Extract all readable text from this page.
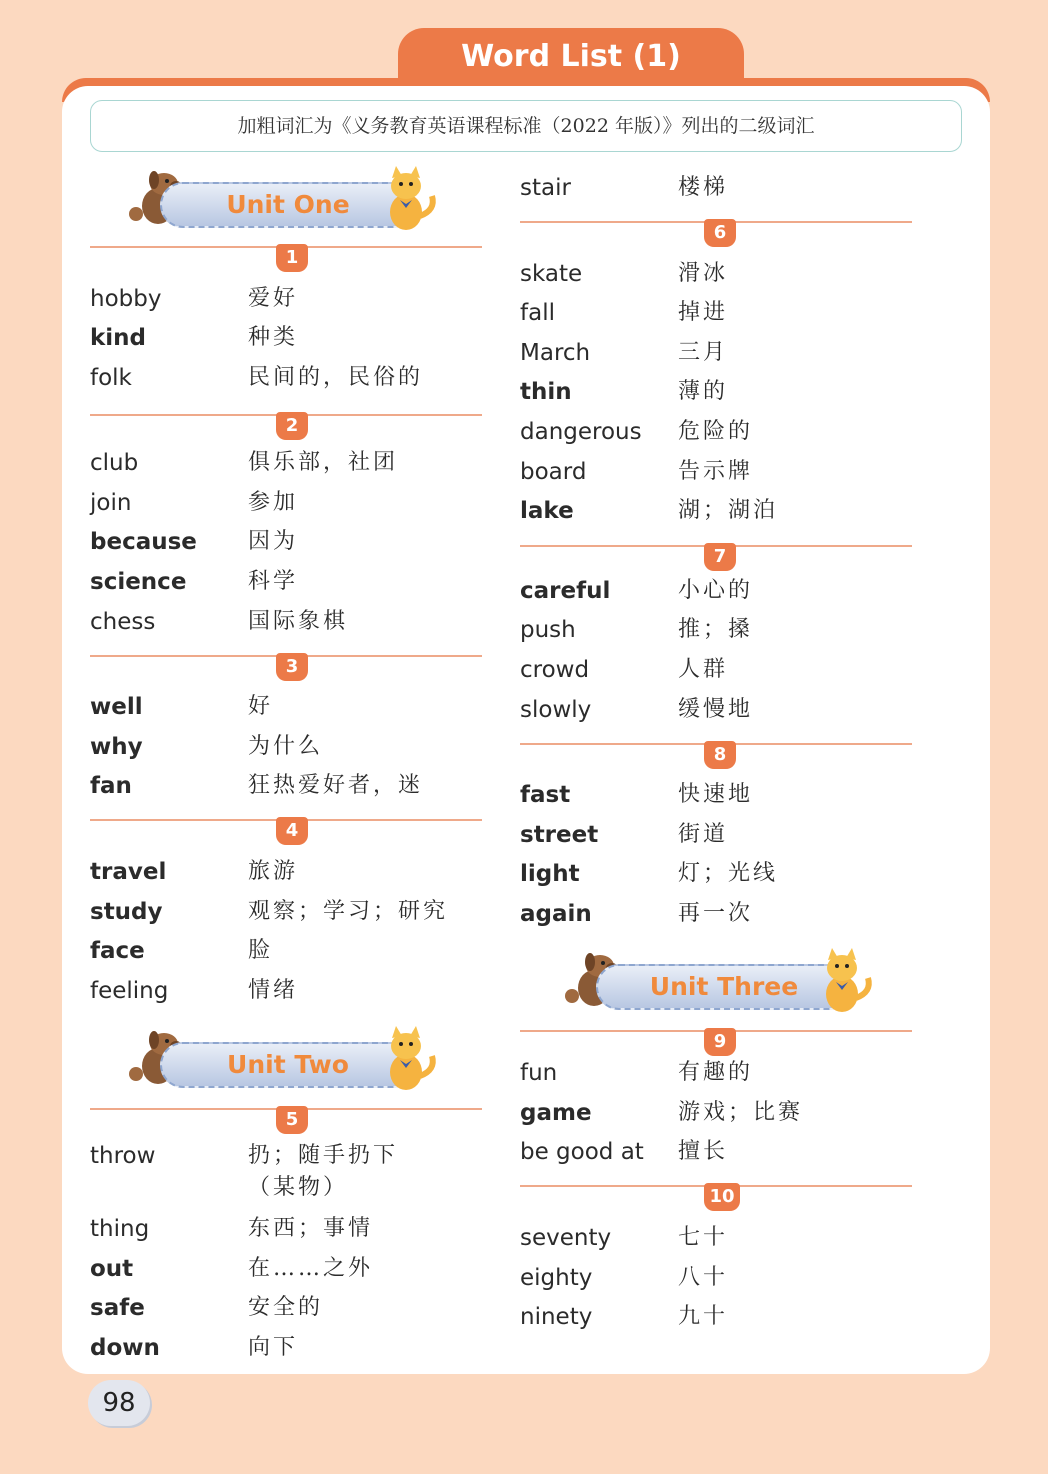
Word List (1)
加粗词汇为《义务教育英语课程标准（2022 年版）》列出的二级词汇
Unit One
1
hobby	爱好
kind	种类
folk	民间的，民俗的
2
club	俱乐部，社团
join	参加
because 因为
science	科学
chess	国际象棋
3
well	好
why	为什么
fan	狂热爱好者，迷
4
travel	旅游
study	观察；学习；研究
face	脸
feeling	情绪
Unit Two
5
throw	扔；随手扔下
（某物）
thing	东西；事情
out	在……之外
safe	安全的
down	向下
stair	楼梯
6
skate	滑冰
fall	掉进
March	三月
thin	薄的
dangerous 危险的
board	告示牌
lake	湖；湖泊
7
careful	小心的
push	推；搡
crowd	人群
slowly	缓慢地
8
fast	快速地
street	街道
light	灯；光线
again	再一次
Unit Three
9
fun	有趣的
game	游戏；比赛
be good at 擅长
10
seventy	七十
eighty	八十
ninety	九十
98
